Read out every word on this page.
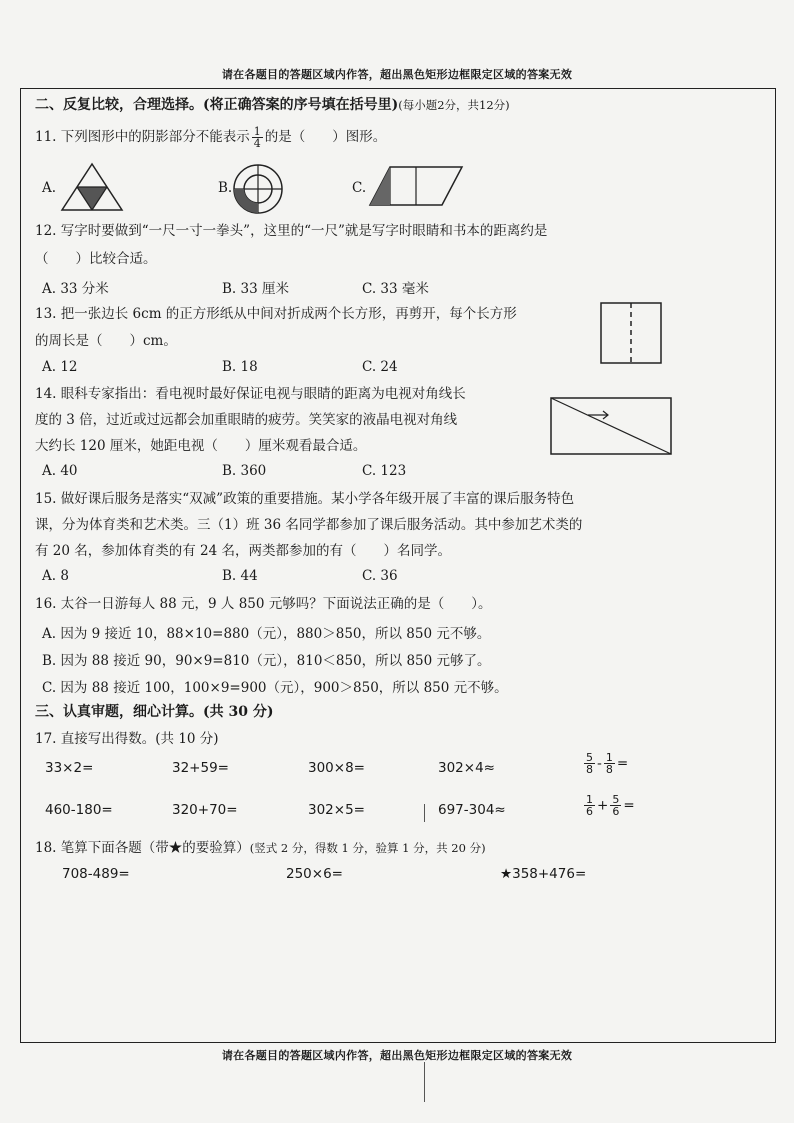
请在各题目的答题区域内作答，超出黑色矩形边框限定区域的答案无效
请在各题目的答题区域内作答，超出黑色矩形边框限定区域的答案无效
二、反复比较，合理选择。(将正确答案的序号填在括号里)(每小题2分，共12分)
11. 下列图形中的阴影部分不能表示 $\frac{1}{4}$ 的是（　　）图形。
A.	B.	C.
12. 写字时要做到“一尺一寸一拳头”，这里的“一尺”就是写字时眼睛和书本的距离约是
（　　）比较合适。
A. 33 分米	B. 33 厘米	C. 33 毫米
13. 把一张边长 6cm 的正方形纸从中间对折成两个长方形，再剪开，每个长方形
的周长是（　　）cm。
A. 12	B. 18	C. 24
14. 眼科专家指出：看电视时最好保证电视与眼睛的距离为电视对角线长
度的 3 倍，过近或过远都会加重眼睛的疲劳。笑笑家的液晶电视对角线
大约长 120 厘米，她距电视（　　）厘米观看最合适。
A. 40	B. 360	C. 123
15. 做好课后服务是落实“双减”政策的重要措施。某小学各年级开展了丰富的课后服务特色
课，分为体育类和艺术类。三（1）班 36 名同学都参加了课后服务活动。其中参加艺术类的
有 20 名，参加体育类的有 24 名，两类都参加的有（　　）名同学。
A. 8	B. 44	C. 36
16. 太谷一日游每人 88 元，9 人 850 元够吗？下面说法正确的是（　　）。
A. 因为 9 接近 10，88×10=880（元），880＞850，所以 850 元不够。
B. 因为 88 接近 90，90×9=810（元），810＜850，所以 850 元够了。
C. 因为 88 接近 100，100×9=900（元），900＞850，所以 850 元不够。
三、认真审题，细心计算。(共 30 分)
17. 直接写出得数。(共 10 分)
33×2=	32+59=	300×8=	302×4≈	$\frac{5}{8} - \frac{1}{8}$ =
460-180=	320+70=	302×5=	697-304≈	$\frac{1}{6} + \frac{5}{6}$ =
18. 笔算下面各题（带★的要验算）(竖式 2 分，得数 1 分，验算 1 分，共 20 分)
708-489=	250×6=	★358+476=
